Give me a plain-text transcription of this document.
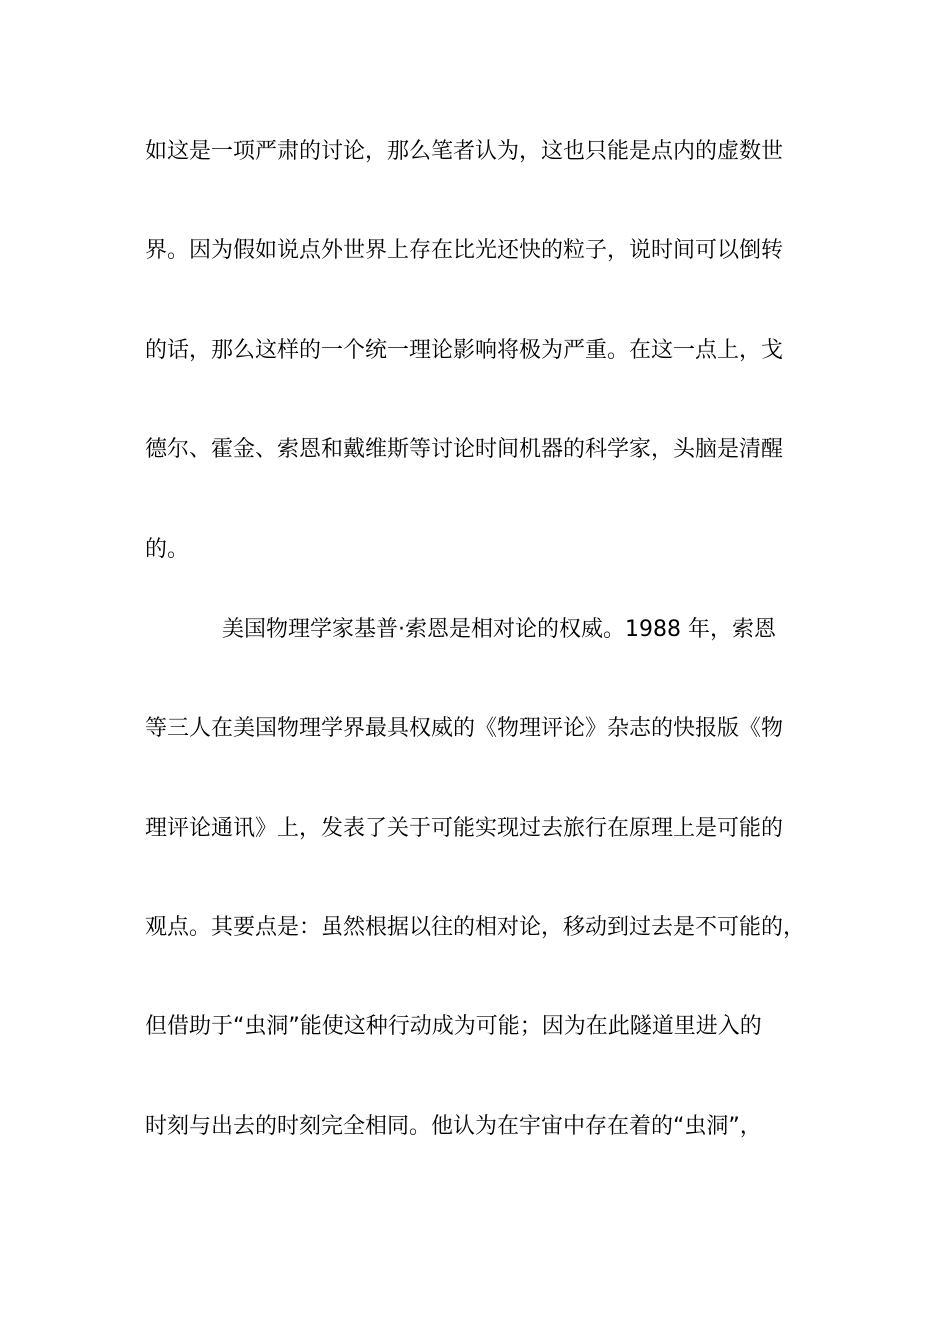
如这是一项严肃的讨论，那么笔者认为，这也只能是点内的虚数世
界。因为假如说点外世界上存在比光还快的粒子，说时间可以倒转
的话，那么这样的一个统一理论影响将极为严重。在这一点上，戈
德尔、霍金、索恩和戴维斯等讨论时间机器的科学家，头脑是清醒
的。
美国物理学家基普·索恩是相对论的权威。1988 年，索恩
等三人在美国物理学界最具权威的《物理评论》杂志的快报版《物
理评论通讯》上，发表了关于可能实现过去旅行在原理上是可能的
观点。其要点是：虽然根据以往的相对论，移动到过去是不可能的，
但借助于“虫洞”能使这种行动成为可能；因为在此隧道里进入的
时刻与出去的时刻完全相同。他认为在宇宙中存在着的“虫洞”，
